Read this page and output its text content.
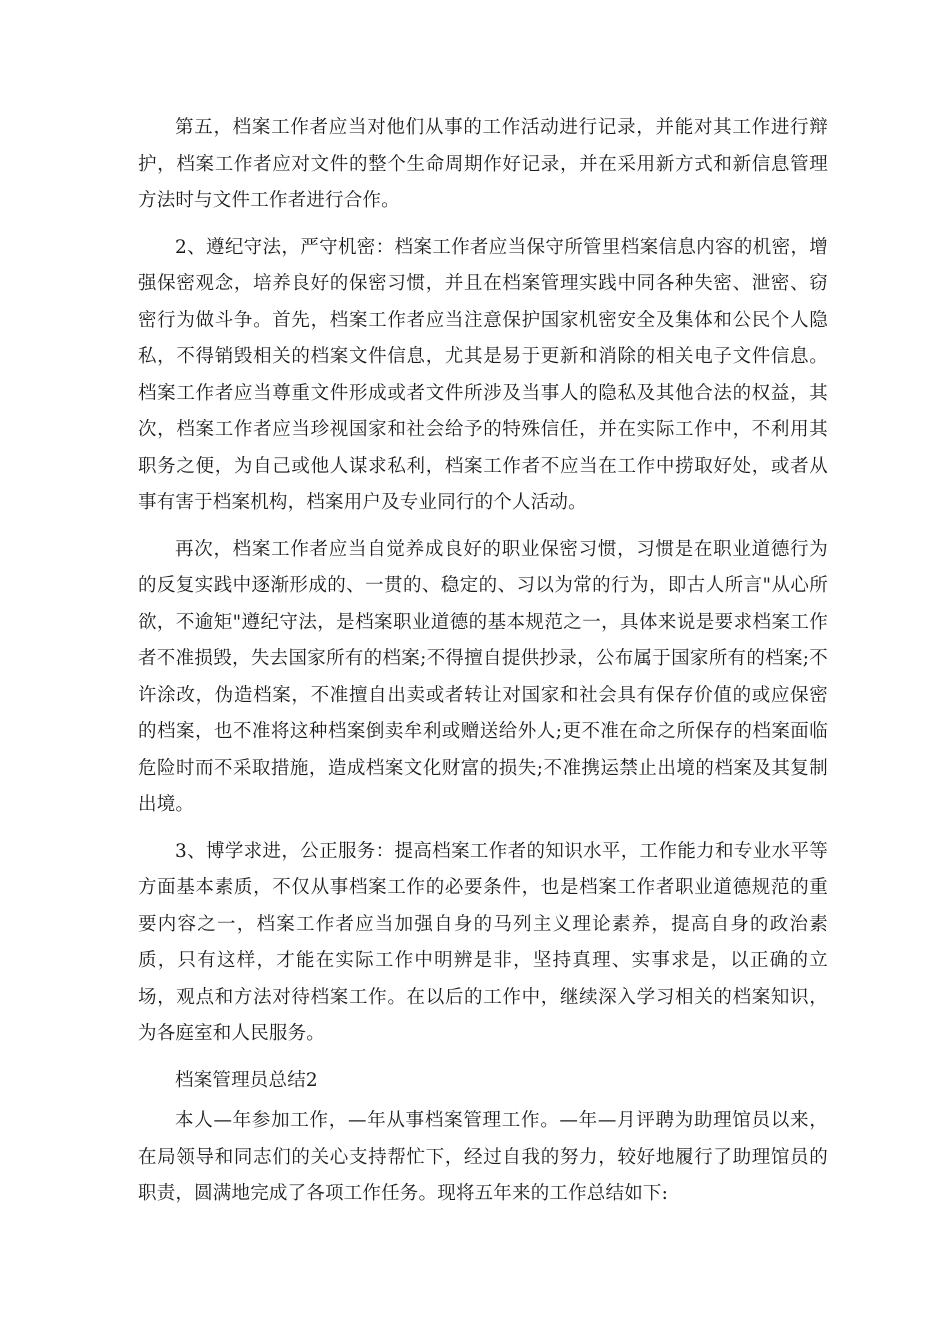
第五，档案工作者应当对他们从事的工作活动进行记录，并能对其工作进行辩护，档案工作者应对文件的整个生命周期作好记录，并在采用新方式和新信息管理方法时与文件工作者进行合作。

2、遵纪守法，严守机密：档案工作者应当保守所管里档案信息内容的机密，增强保密观念，培养良好的保密习惯，并且在档案管理实践中同各种失密、泄密、窃密行为做斗争。首先，档案工作者应当注意保护国家机密安全及集体和公民个人隐私，不得销毁相关的档案文件信息，尤其是易于更新和消除的相关电子文件信息。档案工作者应当尊重文件形成或者文件所涉及当事人的隐私及其他合法的权益，其次，档案工作者应当珍视国家和社会给予的特殊信任，并在实际工作中，不利用其职务之便，为自己或他人谋求私利，档案工作者不应当在工作中捞取好处，或者从事有害于档案机构，档案用户及专业同行的个人活动。

再次，档案工作者应当自觉养成良好的职业保密习惯，习惯是在职业道德行为的反复实践中逐渐形成的、一贯的、稳定的、习以为常的行为，即古人所言"从心所欲，不逾矩"遵纪守法，是档案职业道德的基本规范之一，具体来说是要求档案工作者不准损毁，失去国家所有的档案;不得擅自提供抄录，公布属于国家所有的档案;不许涂改，伪造档案，不准擅自出卖或者转让对国家和社会具有保存价值的或应保密的档案，也不准将这种档案倒卖牟利或赠送给外人;更不准在命之所保存的档案面临危险时而不采取措施，造成档案文化财富的损失;不准携运禁止出境的档案及其复制出境。

3、博学求进，公正服务：提高档案工作者的知识水平，工作能力和专业水平等方面基本素质，不仅从事档案工作的必要条件，也是档案工作者职业道德规范的重要内容之一，档案工作者应当加强自身的马列主义理论素养，提高自身的政治素质，只有这样，才能在实际工作中明辨是非，坚持真理、实事求是，以正确的立场，观点和方法对待档案工作。在以后的工作中，继续深入学习相关的档案知识，为各庭室和人民服务。

档案管理员总结2

本人—年参加工作，—年从事档案管理工作。—年—月评聘为助理馆员以来，在局领导和同志们的关心支持帮忙下，经过自我的努力，较好地履行了助理馆员的职责，圆满地完成了各项工作任务。现将五年来的工作总结如下:
